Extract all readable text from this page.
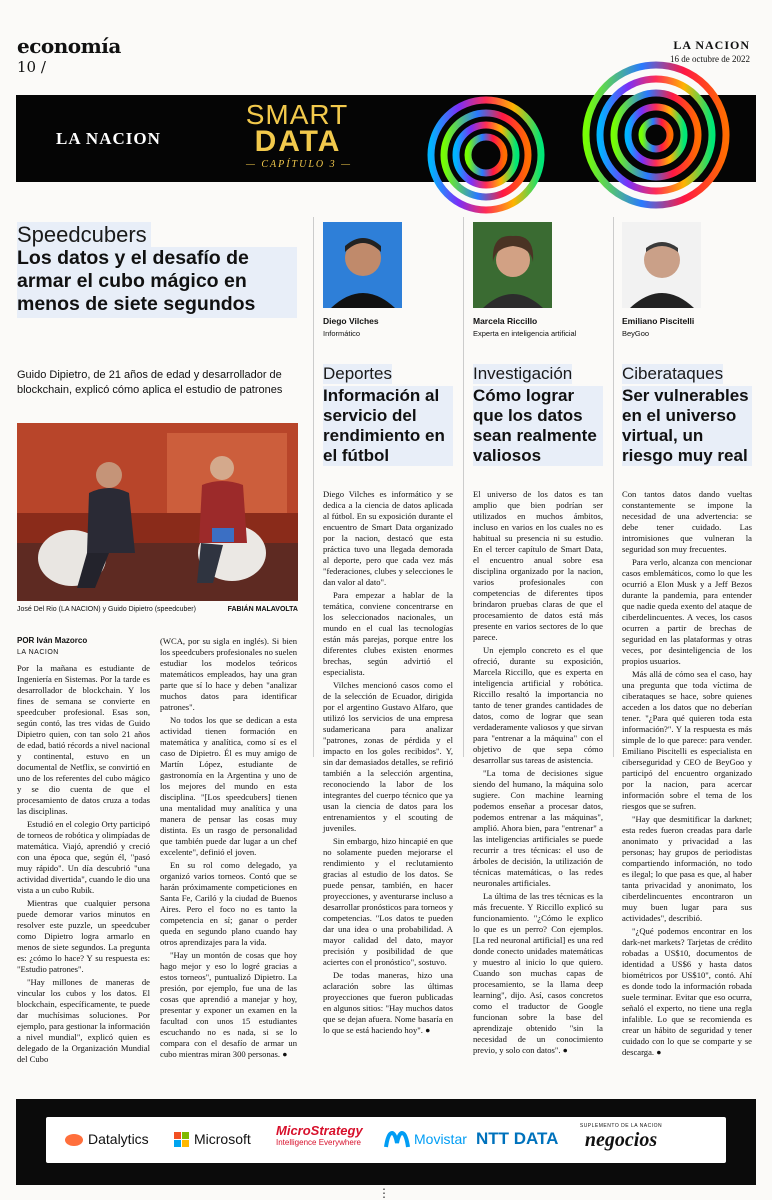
economía
10 /
LA NACION
16 de octubre de 2022
LA NACION
SMART
DATA
— CAPÍTULO 3 —
Speedcubers
Los datos y el desafío de armar el cubo mágico en menos de siete segundos
Guido Dipietro, de 21 años de edad y desarrollador de blockchain, explicó cómo aplica el estudio de patrones
José Del Rio (LA NACION) y Guido Dipietro (speedcuber)	FABIÁN MALAVOLTA
POR Iván Mazorco
LA NACION

Por la mañana es estudiante de Ingeniería en Sistemas. Por la tarde es desarrollador de blockchain. Y los fines de semana se convierte en speedcuber profesional. Esas son, según contó, las tres vidas de Guido Dipietro quien, con tan solo 21 años de edad, batió récords a nivel nacional y continental, estuvo en un documental de Netflix, se convirtió en uno de los referentes del cubo mágico y se dio cuenta de que el procesamiento de datos cruza a todas las disciplinas.

Estudió en el colegio Orty participó de torneos de robótica y olimpíadas de matemática. Viajó, aprendió y creció con una época que, según él, "pasó muy rápido". Un día descubrió "una actividad divertida", cuando le dio una vista a un cubo Rubik.

Mientras que cualquier persona puede demorar varios minutos en resolver este puzzle, un speedcuber como Dipietro logra armarlo en menos de siete segundos. La pregunta es: ¿cómo lo hace? Y su respuesta es: "Estudio patrones".

"Hay millones de maneras de vincular los cubos y los datos. El blockchain, específicamente, te puede dar muchísimas soluciones. Por ejemplo, para gestionar la información a nivel mundial", explicó quien es delegado de la Organización Mundial del Cubo

(WCA, por su sigla en inglés). Si bien los speedcubers profesionales no suelen estudiar los modelos teóricos matemáticos empleados, hay una gran parte que sí lo hace y deben "analizar muchos datos para identificar patrones".

No todos los que se dedican a esta actividad tienen formación en matemática y analítica, como sí es el caso de Dipietro. Él es muy amigo de Martín López, estudiante de gastronomía en la Argentina y uno de los mejores del mundo en esta disciplina. "[Los speedcubers] tienen una mentalidad muy analítica y una manera de pensar las cosas muy distinta. Es un rasgo de personalidad que también puede dar lugar a un chef excelente", definió el joven.

En su rol como delegado, ya organizó varios torneos. Contó que se harán próximamente competiciones en Santa Fe, Cariló y la ciudad de Buenos Aires. Pero el foco no es tanto la competencia en sí; ganar o perder queda en segundo plano cuando hay otros aprendizajes para la vida.

"Hay un montón de cosas que hoy hago mejor y eso lo logré gracias a estos torneos", puntualizó Dipietro. La presión, por ejemplo, fue una de las cosas que aprendió a manejar y hoy, presentar y exponer un examen en la facultad con unos 15 estudiantes escuchando no es nada, si se lo compara con el desafío de armar un cubo mientras miran 300 personas. ●

Diego Vilches
Informático
Deportes
Información al servicio del rendimiento en el fútbol

Diego Vilches es informático y se dedica a la ciencia de datos aplicada al fútbol. En su exposición durante el encuentro de Smart Data organizado por la nacion, destacó que esta práctica tuvo una llegada demorada al deporte, pero que cada vez más "federaciones, clubes y selecciones le dan valor al dato".

Para empezar a hablar de la temática, conviene concentrarse en los seleccionados nacionales, un mundo en el cual las tecnologías están más parejas, porque entre los diferentes clubes existen enormes brechas, según advirtió el especialista.

Vilches mencionó casos como el de la selección de Ecuador, dirigida por el argentino Gustavo Alfaro, que utilizó los servicios de una empresa sudamericana para analizar "patrones, zonas de pérdida y el impacto en los goles recibidos". Y, sin dar demasiados detalles, se refirió también a la selección argentina, reconociendo la labor de los integrantes del cuerpo técnico que ya usan la ciencia de datos para los entrenamientos y el scouting de juveniles.

Sin embargo, hizo hincapié en que no solamente pueden mejorarse el rendimiento y el reclutamiento gracias al estudio de los datos. Se puede pensar, también, en hacer proyecciones, y aventurarse incluso a desarrollar pronósticos para torneos y competencias. "Los datos te pueden dar una idea o una probabilidad. A mayor calidad del dato, mayor precisión y posibilidad de que aciertes con el pronóstico", sostuvo.

De todas maneras, hizo una aclaración sobre las últimas proyecciones que fueron publicadas en algunos sitios: "Hay muchos datos que se dejan afuera. Nome basaría en lo que se está haciendo hoy". ●

Marcela Riccillo
Experta en inteligencia artificial
Investigación
Cómo lograr que los datos sean realmente valiosos

El universo de los datos es tan amplio que bien podrían ser utilizados en muchos ámbitos, incluso en varios en los cuales no es habitual su presencia ni su estudio. En el tercer capítulo de Smart Data, el encuentro anual sobre esa disciplina organizado por la nacion, varios profesionales con competencias de diferentes tipos brindaron pruebas claras de que el procesamiento de datos está más presente en varios sectores de lo que parece.

Un ejemplo concreto es el que ofreció, durante su exposición, Marcela Riccillo, que es experta en inteligencia artificial y robótica. Riccillo resaltó la importancia no tanto de tener grandes cantidades de datos, como de lograr que sean verdaderamente valiosos y que sirvan para "entrenar a la máquina" con el objetivo de que sepa cómo desarrollar sus tareas de asistencia.

"La toma de decisiones sigue siendo del humano, la máquina solo sugiere. Con machine learning podemos enseñar a procesar datos, podemos entrenar a las máquinas", amplió. Ahora bien, para "entrenar" a las inteligencias artificiales se puede recurrir a tres técnicas: el uso de árboles de decisión, la utilización de técnicas matemáticas, o las redes neuronales artificiales.

La última de las tres técnicas es la más frecuente. Y Riccillo explicó su funcionamiento. "¿Cómo le explico lo que es un perro? Con ejemplos. [La red neuronal artificial] es una red donde conecto unidades matemáticas y muestro al inicio lo que quiero. Cuando son muchas capas de procesamiento, se la llama deep learning", dijo. Así, casos concretos como el traductor de Google funcionan sobre la base del aprendizaje obtenido "sin la necesidad de un conocimiento previo, y solo con datos". ●

Emiliano Piscitelli
BeyGoo
Ciberataques
Ser vulnerables en el universo virtual, un riesgo muy real

Con tantos datos dando vueltas constantemente se impone la necesidad de una advertencia: se debe tener cuidado. Las intromisiones que vulneran la seguridad son muy frecuentes.

Para verlo, alcanza con mencionar casos emblemáticos, como lo que les ocurrió a Elon Musk y a Jeff Bezos durante la pandemia, para entender que nadie queda exento del ataque de ciberdelincuentes. A veces, los casos ocurren a partir de brechas de seguridad en las plataformas y otras veces, por desinteligencia de los propios usuarios.

Más allá de cómo sea el caso, hay una pregunta que toda víctima de ciberataques se hace, sobre quienes acceden a los datos que no deberían tener. "¿Para qué quieren toda esta información?". Y la respuesta es más simple de lo que parece: para vender. Emiliano Piscitelli es especialista en ciberseguridad y CEO de BeyGoo y participó del encuentro organizado por la nacion, para acercar información sobre el tema de los riesgos que se sufren.

"Hay que desmitificar la darknet; esta redes fueron creadas para darle anonimato y privacidad a las personas; hay grupos de periodistas compartiendo información, no todo es ilegal; lo que pasa es que, al haber tanta privacidad y anonimato, los ciberdelincuentes encontraron un muy buen lugar para sus actividades", describió.

"¿Qué podemos encontrar en los dark-net markets? Tarjetas de crédito robadas a US$10, documentos de identidad a US$6 y hasta datos biométricos por US$10", contó. Ahí es donde todo la información robada suele terminar. Evitar que eso ocurra, señaló el experto, no tiene una regla infalible. Lo que se recomienda es crear un hábito de seguridad y tener cuidado con lo que se comparte y se descarga. ●

Datalytics	Microsoft
MicroStrategy
Intelligence Everywhere	Movistar NTT DATA
SUPLEMENTO DE LA NACION
negocios
⋮
